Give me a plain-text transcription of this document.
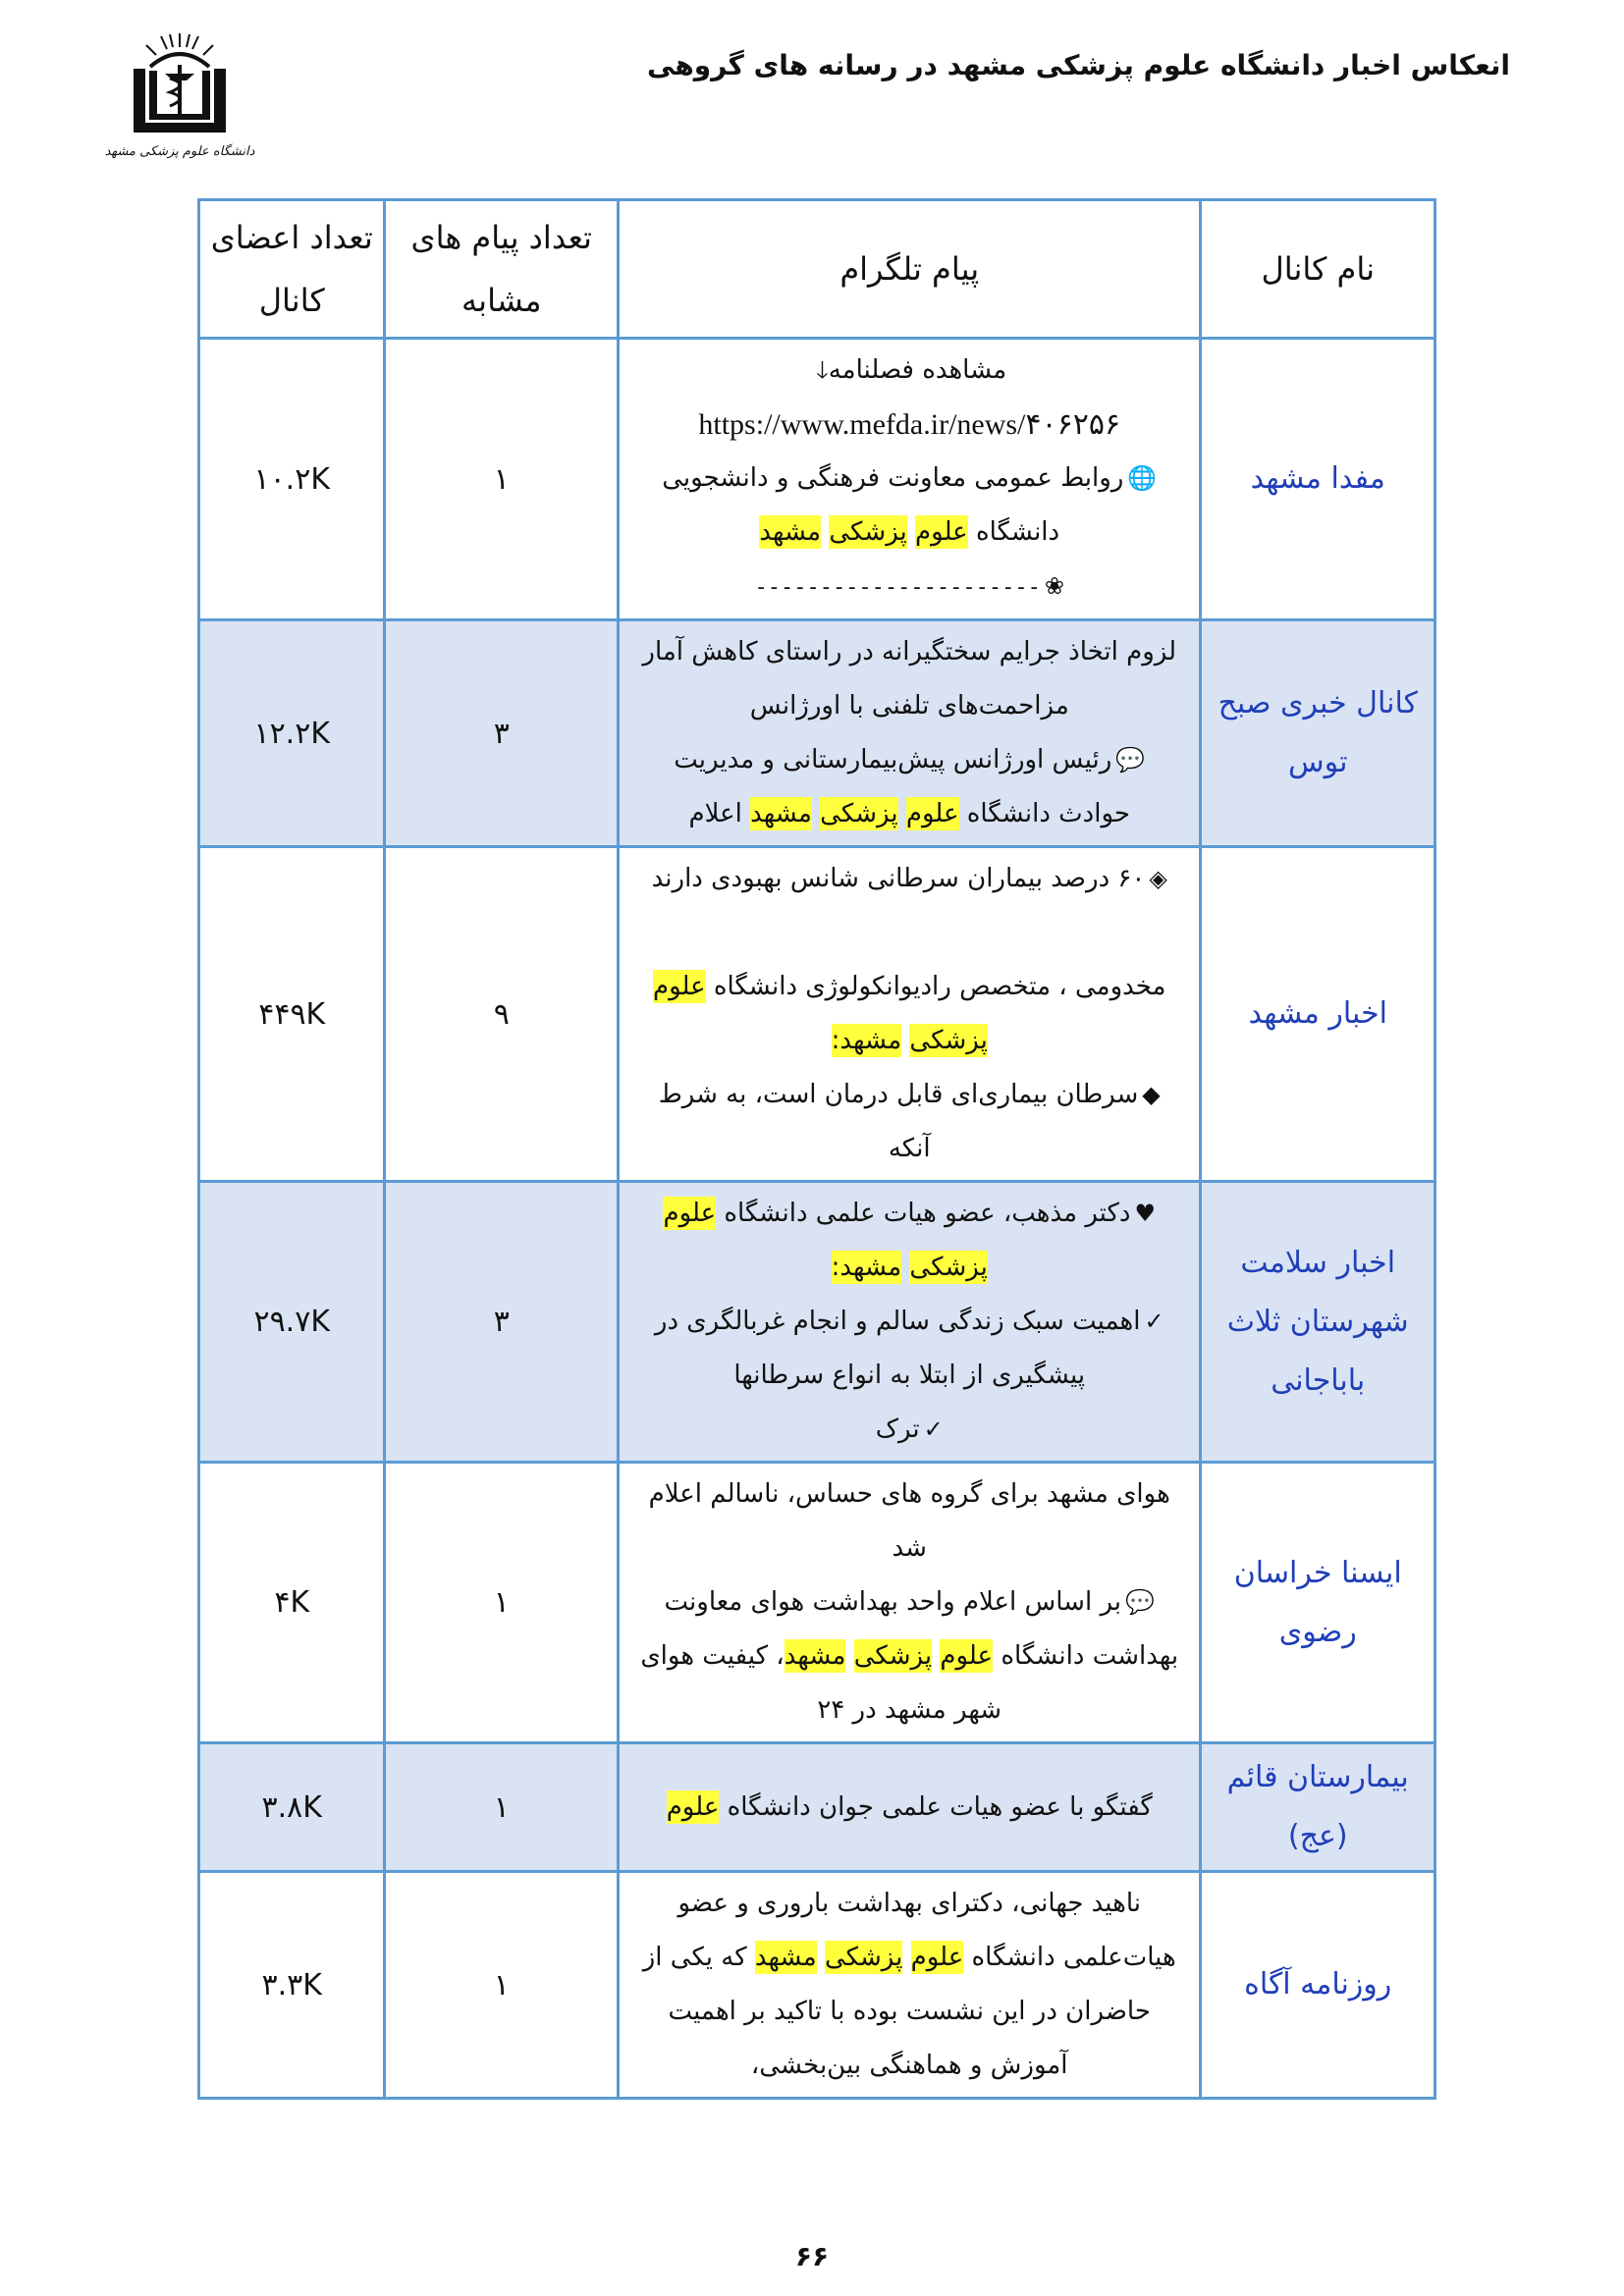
دانشگاه علوم پزشکی مشهد
انعکاس اخبار دانشگاه علوم پزشکی مشهد در رسانه های گروهی
نام کانال	پیام تلگرام	تعداد پیام های مشابه	تعداد اعضای کانال
مفدا مشهد	مشاهده فصلنامه🡓
https://www.mefda.ir/news/۴۰۶۲۵۶
🌐روابط عمومی معاونت فرهنگی و دانشجویی
دانشگاه علوم پزشکی مشهد
❀----------------------	۱	۱۰.۲K
کانال خبری صبح توس	لزوم اتخاذ جرایم سختگیرانه در راستای کاهش آمار
مزاحمت‌های تلفنی با اورژانس
💬رئیس اورژانس پیش‌بیمارستانی و مدیریت
حوادث دانشگاه علوم پزشکی مشهد اعلام	۳	۱۲.۲K
اخبار مشهد	◈۶۰ درصد بیماران سرطانی شانس بهبودی دارند

مخدومی ، متخصص رادیوانکولوژی دانشگاه علوم
پزشکی مشهد:
◆سرطان بیماری‌ای قابل درمان است، به شرط
آنکه	۹	۴۴۹K
اخبار سلامت شهرستان ثلاث باباجانی	♥دکتر مذهب، عضو هیات علمی دانشگاه علوم
پزشکی مشهد:
✓اهمیت سبک زندگی سالم و انجام غربالگری در
پیشگیری از ابتلا به انواع سرطانها
✓ترک	۳	۲۹.۷K
ایسنا خراسان رضوی	هوای مشهد برای گروه های حساس، ناسالم اعلام
شد
💬بر اساس اعلام واحد بهداشت هوای معاونت
بهداشت دانشگاه علوم پزشکی مشهد، کیفیت هوای
شهر مشهد در ۲۴	۱	۴K
بیمارستان قائم (عج)	گفتگو با عضو هیات علمی جوان دانشگاه علوم	۱	۳.۸K
روزنامه آگاه	ناهید جهانی، دکترای بهداشت باروری و عضو
هیات‌علمی دانشگاه علوم پزشکی مشهد که یکی از
حاضران در این نشست بوده با تاکید بر اهمیت
آموزش و هماهنگی بین‌بخشی،	۱	۳.۳K
۶۶
